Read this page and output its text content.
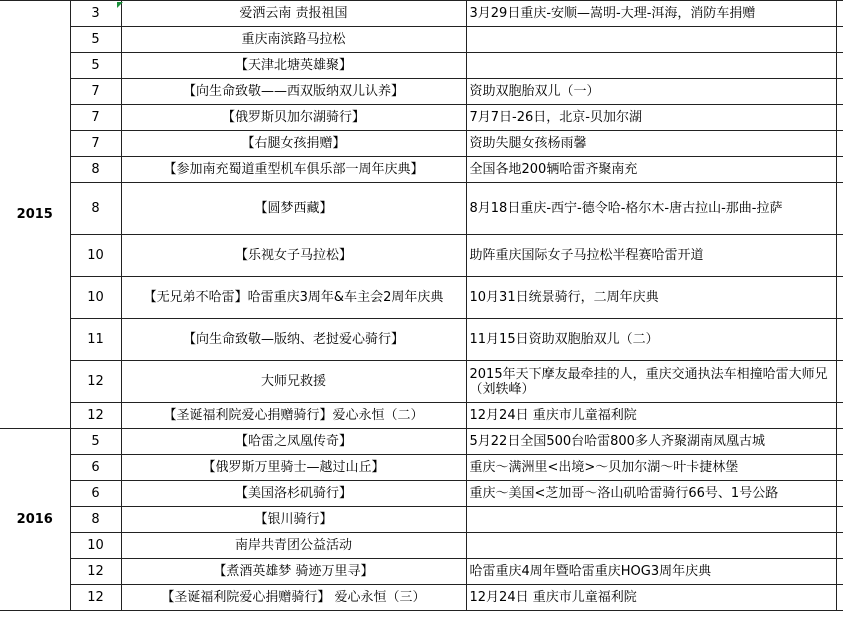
2015	3	爱洒云南 责报祖国	3月29日重庆-安顺—嵩明-大理-洱海，消防车捐赠	
	5	重庆南滨路马拉松		
	5	【天津北塘英雄聚】		
	7	【向生命致敬——西双版纳双儿认养】	资助双胞胎双儿（一）	
	7	【俄罗斯贝加尔湖骑行】	7月7日-26日，北京-贝加尔湖	
	7	【右腿女孩捐赠】	资助失腿女孩杨雨馨	
	8	【参加南充蜀道重型机车俱乐部一周年庆典】	全国各地200辆哈雷齐聚南充	
	8	【圆梦西藏】	8月18日重庆-西宁-德令哈-格尔木-唐古拉山-那曲-拉萨	
	10	【乐视女子马拉松】	助阵重庆国际女子马拉松半程赛哈雷开道	
	10	【无兄弟不哈雷】哈雷重庆3周年&车主会2周年庆典	10月31日统景骑行，二周年庆典	
	11	【向生命致敬—版纳、老挝爱心骑行】	11月15日资助双胞胎双儿（二）	
	12	大师兄救援	2015年天下摩友最牵挂的人，重庆交通执法车相撞哈雷大师兄（刘轶峰）	
	12	【圣诞福利院爱心捐赠骑行】爱心永恒（二）	12月24日 重庆市儿童福利院	
2016	5	【哈雷之凤凰传奇】	5月22日全国500台哈雷800多人齐聚湖南凤凰古城	
	6	【俄罗斯万里骑士—越过山丘】	重庆～满洲里<出境>～贝加尔湖～叶卡捷林堡	
	6	【美国洛杉矶骑行】	重庆～美国<芝加哥～洛山矶哈雷骑行66号、1号公路	
	8	【银川骑行】		
	10	南岸共青团公益活动		
	12	【煮酒英雄梦 骑迹万里寻】	哈雷重庆4周年暨哈雷重庆HOG3周年庆典	
	12	【圣诞福利院爱心捐赠骑行】 爱心永恒（三）	12月24日 重庆市儿童福利院	
